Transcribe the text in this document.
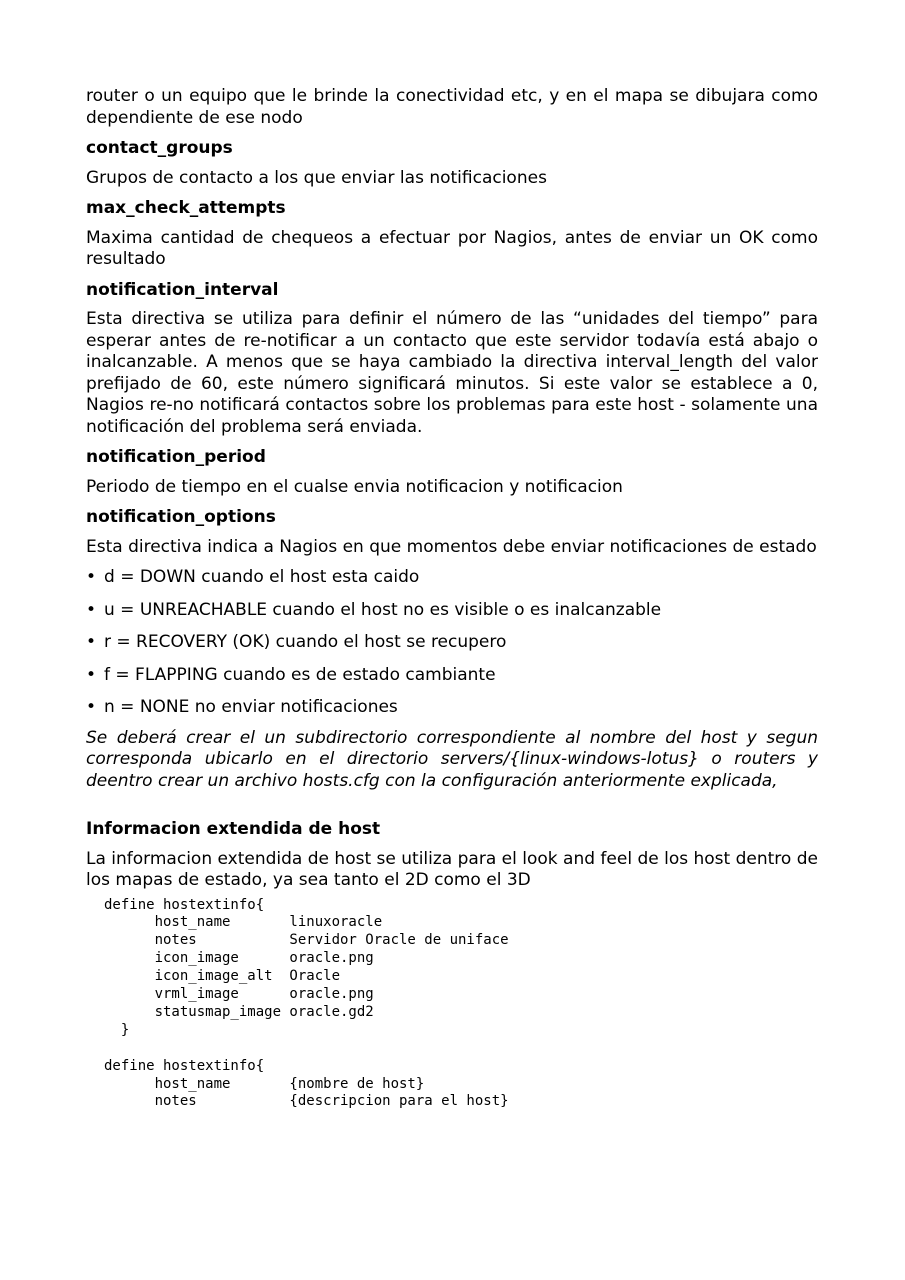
router o un equipo que le brinde la conectividad etc, y en el mapa se dibujara como dependiente de ese nodo

contact_groups

Grupos de contacto a los que enviar las notificaciones

max_check_attempts

Maxima cantidad de chequeos a efectuar por Nagios, antes de enviar un OK como resultado

notification_interval

Esta directiva se utiliza para definir el número de las “unidades del tiempo” para esperar antes de re-notificar a un contacto que este servidor todavía está abajo o inalcanzable. A menos que se haya cambiado la directiva interval_length del valor prefijado de 60, este número significará minutos. Si este valor se establece a 0, Nagios re-no notificará contactos sobre los problemas para este host - solamente una notificación del problema será enviada.

notification_period

Periodo de tiempo en el cualse envia notificacion y notificacion

notification_options

Esta directiva indica a Nagios en que momentos debe enviar notificaciones de estado

• d = DOWN cuando el host esta caido
• u = UNREACHABLE cuando el host no es visible o es inalcanzable
• r = RECOVERY (OK) cuando el host se recupero
• f = FLAPPING cuando es de estado cambiante
• n = NONE no enviar notificaciones

Se deberá crear el un subdirectorio correspondiente al nombre del host y segun corresponda ubicarlo en el directorio servers/{linux-windows-lotus} o routers y deentro crear un archivo hosts.cfg con la configuración anteriormente explicada,

Informacion extendida de host

La informacion extendida de host se utiliza para el look and feel de los host dentro de los mapas de estado, ya sea tanto el 2D como el 3D

define hostextinfo{
host_name       linuxoracle
notes           Servidor Oracle de uniface
icon_image      oracle.png
icon_image_alt  Oracle
vrml_image      oracle.png
statusmap_image oracle.gd2
}

define hostextinfo{
host_name       {nombre de host}
notes           {descripcion para el host}
